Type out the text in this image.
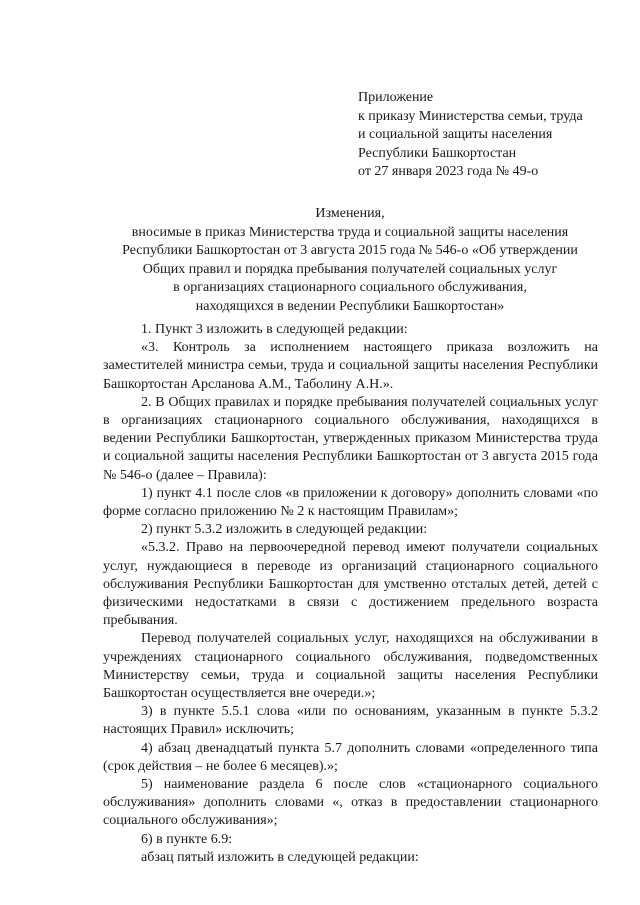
Приложение
к приказу Министерства семьи, труда
и социальной защиты населения
Республики Башкортостан
от 27 января 2023 года № 49-о
Изменения,
вносимые в приказ Министерства труда и социальной защиты населения
Республики Башкортостан от 3 августа 2015 года № 546-о «Об утверждении
Общих правил и порядка пребывания получателей социальных услуг
в организациях стационарного социального обслуживания,
находящихся в ведении Республики Башкортостан»

1. Пункт 3 изложить в следующей редакции:

«3. Контроль за исполнением настоящего приказа возложить на заместителей министра семьи, труда и социальной защиты населения Республики Башкортостан Арсланова А.М., Таболину А.Н.».

2. В Общих правилах и порядке пребывания получателей социальных услуг в организациях стационарного социального обслуживания, находящихся в ведении Республики Башкортостан, утвержденных приказом Министерства труда и социальной защиты населения Республики Башкортостан от 3 августа 2015 года № 546-о (далее – Правила):

1) пункт 4.1 после слов «в приложении к договору» дополнить словами «по форме согласно приложению № 2 к настоящим Правилам»;

2) пункт 5.3.2 изложить в следующей редакции:

«5.3.2. Право на первоочередной перевод имеют получатели социальных услуг, нуждающиеся в переводе из организаций стационарного социального обслуживания Республики Башкортостан для умственно отсталых детей, детей с физическими недостатками в связи с достижением предельного возраста пребывания.

Перевод получателей социальных услуг, находящихся на обслуживании в учреждениях стационарного социального обслуживания, подведомственных Министерству семьи, труда и социальной защиты населения Республики Башкортостан осуществляется вне очереди.»;

3) в пункте 5.5.1 слова «или по основаниям, указанным в пункте 5.3.2 настоящих Правил» исключить;

4) абзац двенадцатый пункта 5.7 дополнить словами «определенного типа (срок действия – не более 6 месяцев).»;

5) наименование раздела 6 после слов «стационарного социального обслуживания» дополнить словами «, отказ в предоставлении стационарного социального обслуживания»;

6) в пункте 6.9:

абзац пятый изложить в следующей редакции:
